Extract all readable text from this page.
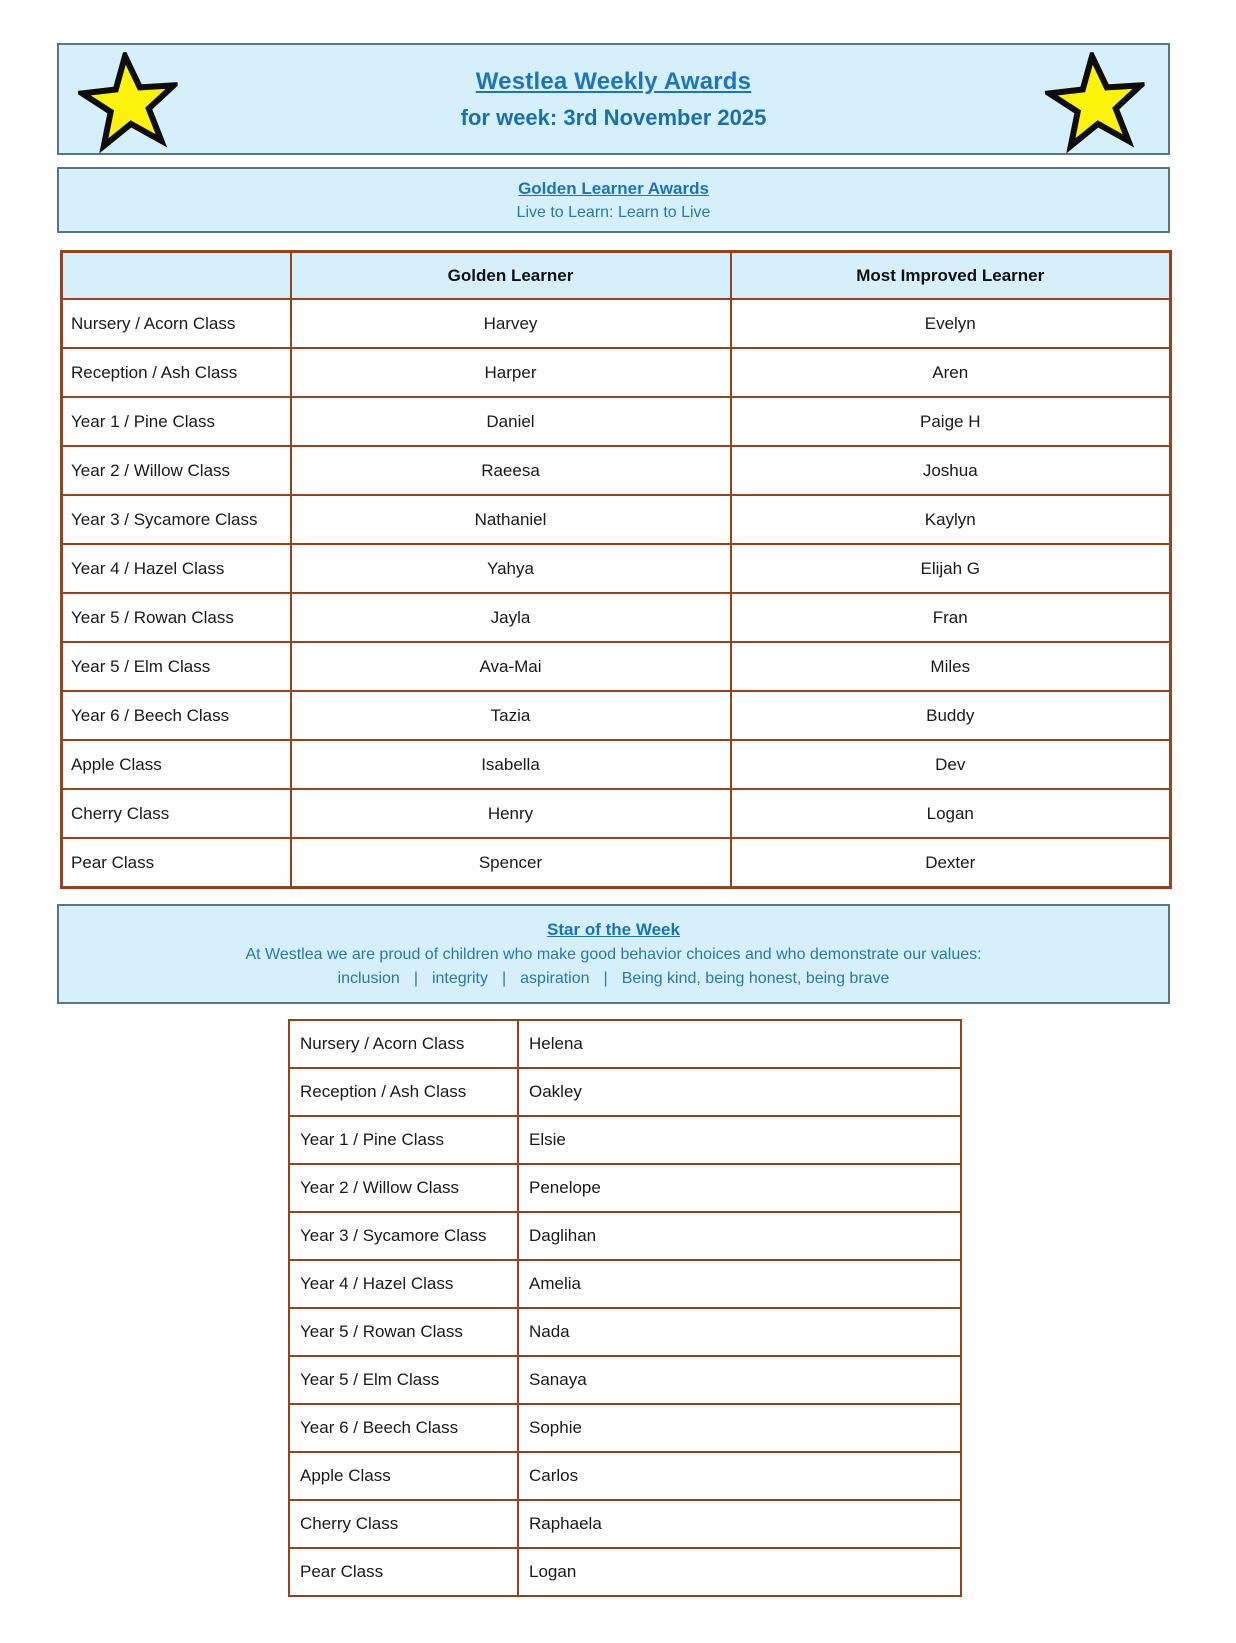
Westlea Weekly Awards
for week: 3rd November 2025
Golden Learner Awards
Live to Learn: Learn to Live
	Golden Learner	Most Improved Learner
Nursery / Acorn Class	Harvey	Evelyn
Reception / Ash Class	Harper	Aren
Year 1 / Pine Class	Daniel	Paige H
Year 2 / Willow Class	Raeesa	Joshua
Year 3 / Sycamore Class	Nathaniel	Kaylyn
Year 4 / Hazel Class	Yahya	Elijah G
Year 5 / Rowan Class	Jayla	Fran
Year 5 / Elm Class	Ava-Mai	Miles
Year 6 / Beech Class	Tazia	Buddy
Apple Class	Isabella	Dev
Cherry Class	Henry	Logan
Pear Class	Spencer	Dexter
Star of the Week
At Westlea we are proud of children who make good behavior choices and who demonstrate our values:
inclusion | integrity | aspiration | Being kind, being honest, being brave
Nursery / Acorn Class	Helena
Reception / Ash Class	Oakley
Year 1 / Pine Class	Elsie
Year 2 / Willow Class	Penelope
Year 3 / Sycamore Class	Daglihan
Year 4 / Hazel Class	Amelia
Year 5 / Rowan Class	Nada
Year 5 / Elm Class	Sanaya
Year 6 / Beech Class	Sophie
Apple Class	Carlos
Cherry Class	Raphaela
Pear Class	Logan
